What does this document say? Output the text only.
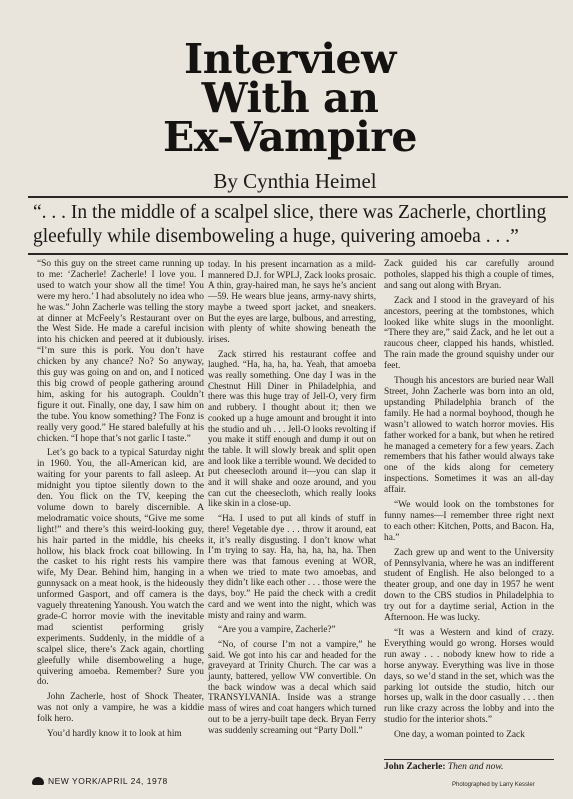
Interview
With an
Ex-Vampire
By Cynthia Heimel
“. . . In the middle of a scalpel slice, there was Zacherle, chortling
gleefully while disemboweling a huge, quivering amoeba . . .”

“So this guy on the street came running up to me: ‘Zacherle! Zacherle! I love you. I used to watch your show all the time! You were my hero.’ I had absolutely no idea who he was.” John Zacherle was telling the story at dinner at McFeely’s Restaurant over on the West Side. He made a careful incision into his chicken and peered at it dubiously. “I’m sure this is pork. You don’t have chicken by any chance? No? So anyway, this guy was going on and on, and I noticed this big crowd of people gathering around him, asking for his autograph. Couldn’t figure it out. Finally, one day, I saw him on the tube. You know something? The Fonz is really very good.” He stared balefully at his chicken. “I hope that’s not garlic I taste.”

Let’s go back to a typical Saturday night in 1960. You, the all-American kid, are waiting for your parents to fall asleep. At midnight you tiptoe silently down to the den. You flick on the TV, keeping the volume down to barely discernible. A melodramatic voice shouts, “Give me some light!” and there’s this weird-looking guy, his hair parted in the middle, his cheeks hollow, his black frock coat billowing. In the casket to his right rests his vampire wife, My Dear. Behind him, hanging in a gunnysack on a meat hook, is the hideously unformed Gasport, and off camera is the vaguely threatening Yanoush. You watch the grade-C horror movie with the inevitable mad scientist performing grisly experiments. Suddenly, in the middle of a scalpel slice, there’s Zack again, chortling gleefully while disemboweling a huge, quivering amoeba. Remember? Sure you do.

John Zacherle, host of Shock Theater, was not only a vampire, he was a kiddie folk hero.

You’d hardly know it to look at him

today. In his present incarnation as a mild-mannered D.J. for WPLJ, Zack looks prosaic. A thin, gray-haired man, he says he’s ancient—59. He wears blue jeans, army-navy shirts, maybe a tweed sport jacket, and sneakers. But the eyes are large, bulbous, and arresting, with plenty of white showing beneath the irises.

Zack stirred his restaurant coffee and laughed. “Ha, ha, ha, ha. Yeah, that amoeba was really something. One day I was in the Chestnut Hill Diner in Philadelphia, and there was this huge tray of Jell-O, very firm and rubbery. I thought about it; then we cooked up a huge amount and brought it into the studio and uh . . . Jell-O looks revolting if you make it stiff enough and dump it out on the table. It will slowly break and split open and look like a terrible wound. We decided to put cheesecloth around it—you can slap it and it will shake and ooze around, and you can cut the cheesecloth, which really looks like skin in a close-up.

“Ha. I used to put all kinds of stuff in there! Vegetable dye . . . throw it around, eat it, it’s really disgusting. I don’t know what I’m trying to say. Ha, ha, ha, ha, ha. Then there was that famous evening at WOR, when we tried to mate two amoebas, and they didn’t like each other . . . those were the days, boy.” He paid the check with a credit card and we went into the night, which was misty and rainy and warm.

“Are you a vampire, Zacherle?”

“No, of course I’m not a vampire,” he said. We got into his car and headed for the graveyard at Trinity Church. The car was a jaunty, battered, yellow VW convertible. On the back window was a decal which said TRANSYLVANIA. Inside was a strange mass of wires and coat hangers which turned out to be a jerry-built tape deck. Bryan Ferry was suddenly screaming out “Party Doll.”

Zack guided his car carefully around potholes, slapped his thigh a couple of times, and sang out along with Bryan.

Zack and I stood in the graveyard of his ancestors, peering at the tombstones, which looked like white slugs in the moonlight. “There they are,” said Zack, and he let out a raucous cheer, clapped his hands, whistled. The rain made the ground squishy under our feet.

Though his ancestors are buried near Wall Street, John Zacherle was born into an old, upstanding Philadelphia branch of the family. He had a normal boyhood, though he wasn’t allowed to watch horror movies. His father worked for a bank, but when he retired he managed a cemetery for a few years. Zach remembers that his father would always take one of the kids along for cemetery inspections. Sometimes it was an all-day affair.

“We would look on the tombstones for funny names—I remember three right next to each other: Kitchen, Potts, and Bacon. Ha, ha.”

Zach grew up and went to the University of Pennsylvania, where he was an indifferent student of English. He also belonged to a theater group, and one day in 1957 he went down to the CBS studios in Philadelphia to try out for a daytime serial, Action in the Afternoon. He was lucky.

“It was a Western and kind of crazy. Everything would go wrong. Horses would run away . . . nobody knew how to ride a horse anyway. Everything was live in those days, so we’d stand in the set, which was the parking lot outside the studio, hitch our horses up, walk in the door casually . . . then run like crazy across the lobby and into the studio for the interior shots.”

One day, a woman pointed to Zack

John Zacherle: Then and now.
NEW YORK/APRIL 24, 1978	Photographed by Larry Kessler
